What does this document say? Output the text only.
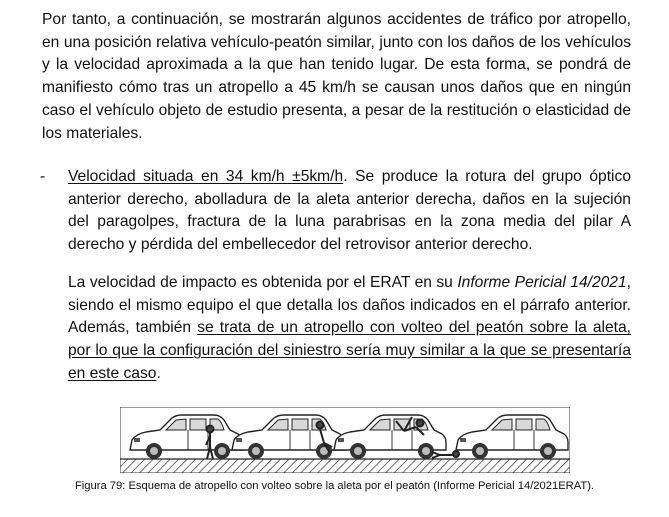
Por tanto, a continuación, se mostrarán algunos accidentes de tráfico por atropello, en una posición relativa vehículo-peatón similar, junto con los daños de los vehículos y la velocidad aproximada a la que han tenido lugar. De esta forma, se pondrá de manifiesto cómo tras un atropello a 45 km/h se causan unos daños que en ningún caso el vehículo objeto de estudio presenta, a pesar de la restitución o elasticidad de los materiales.

- Velocidad situada en 34 km/h ±5km/h. Se produce la rotura del grupo óptico anterior derecho, abolladura de la aleta anterior derecha, daños en la sujeción del paragolpes, fractura de la luna parabrisas en la zona media del pilar A derecho y pérdida del embellecedor del retrovisor anterior derecho.

La velocidad de impacto es obtenida por el ERAT en su Informe Pericial 14/2021, siendo el mismo equipo el que detalla los daños indicados en el párrafo anterior. Además, también se trata de un atropello con volteo del peatón sobre la aleta, por lo que la configuración del siniestro sería muy similar a la que se presentaría en este caso.

Figura 79: Esquema de atropello con volteo sobre la aleta por el peatón (Informe Pericial 14/2021ERAT).
